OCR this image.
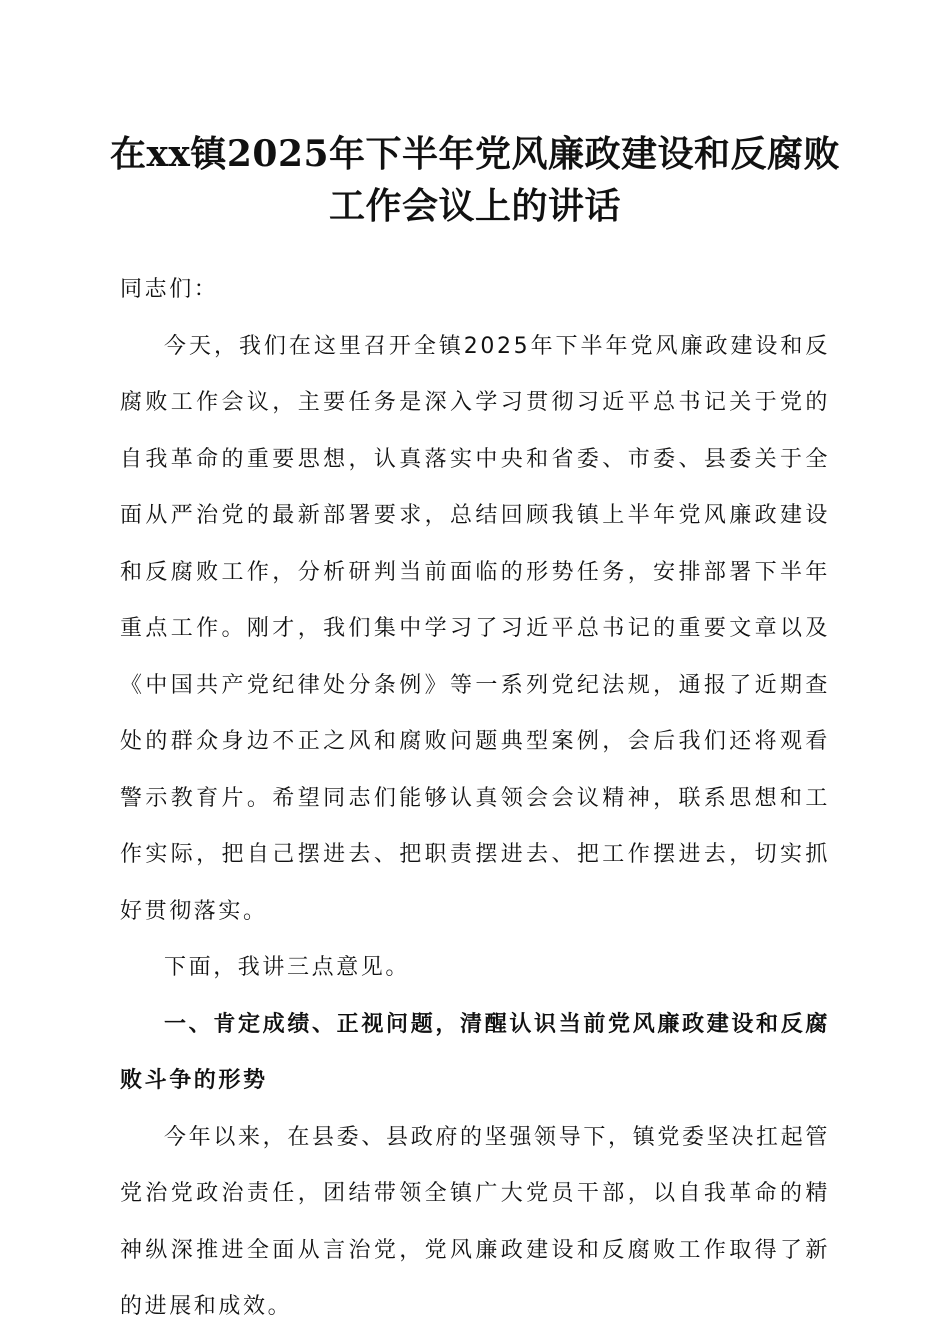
在xx镇2025年下半年党风廉政建设和反腐败
工作会议上的讲话

同志们：

今天，我们在这里召开全镇2025年下半年党风廉政建设和反腐败工作会议，主要任务是深入学习贯彻习近平总书记关于党的自我革命的重要思想，认真落实中央和省委、市委、县委关于全面从严治党的最新部署要求，总结回顾我镇上半年党风廉政建设和反腐败工作，分析研判当前面临的形势任务，安排部署下半年重点工作。刚才，我们集中学习了习近平总书记的重要文章以及《中国共产党纪律处分条例》等一系列党纪法规，通报了近期查处的群众身边不正之风和腐败问题典型案例，会后我们还将观看警示教育片。希望同志们能够认真领会会议精神，联系思想和工作实际，把自己摆进去、把职责摆进去、把工作摆进去，切实抓好贯彻落实。

下面，我讲三点意见。

一、肯定成绩、正视问题，清醒认识当前党风廉政建设和反腐败斗争的形势

今年以来，在县委、县政府的坚强领导下，镇党委坚决扛起管党治党政治责任，团结带领全镇广大党员干部，以自我革命的精神纵深推进全面从言治党，党风廉政建设和反腐败工作取得了新的进展和成效。
